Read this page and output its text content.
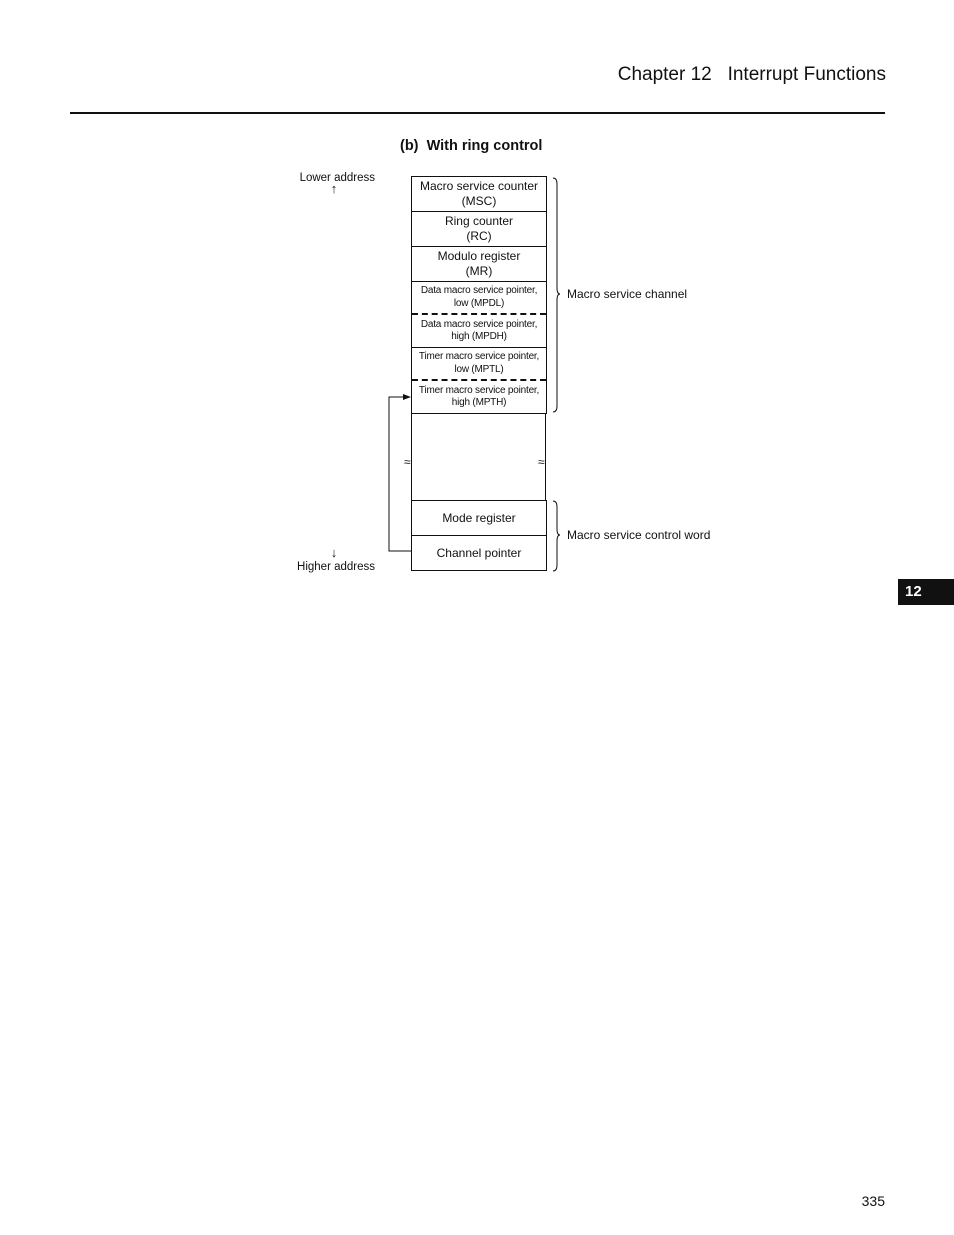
Chapter 12   Interrupt Functions
(b)  With ring control
Lower address
↑
↓
Higher address
Macro service counter
(MSC)
Ring counter
(RC)
Modulo register
(MR)
Data macro service pointer,
low (MPDL)
Data macro service pointer,
high (MPDH)
Timer macro service pointer,
low (MPTL)
Timer macro service pointer,
high (MPTH)
≈	≈
Mode register
Channel pointer
Macro service channel
Macro service control word
12
335
